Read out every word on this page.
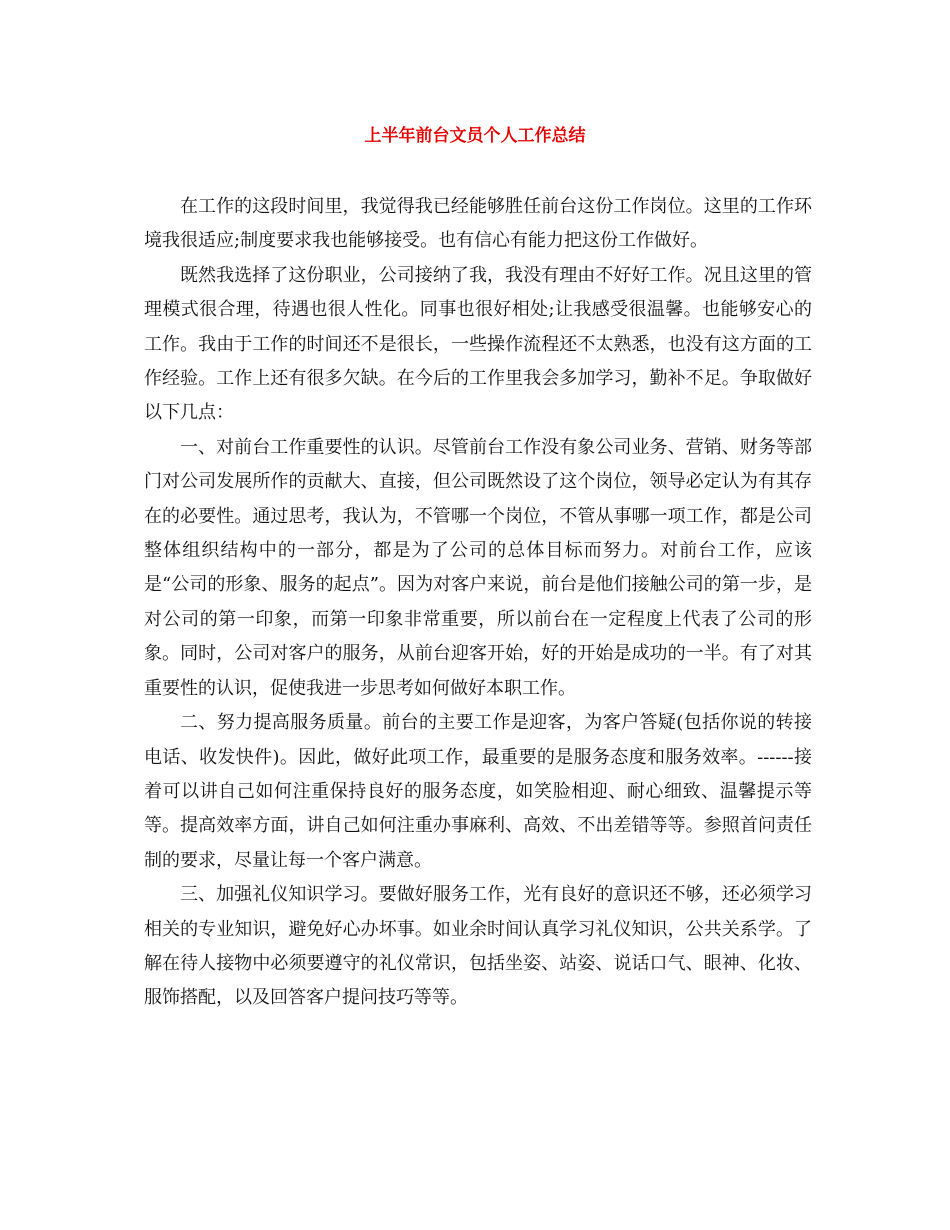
上半年前台文员个人工作总结

在工作的这段时间里，我觉得我已经能够胜任前台这份工作岗位。这里的工作环境我很适应;制度要求我也能够接受。也有信心有能力把这份工作做好。

既然我选择了这份职业，公司接纳了我，我没有理由不好好工作。况且这里的管理模式很合理，待遇也很人性化。同事也很好相处;让我感受很温馨。也能够安心的工作。我由于工作的时间还不是很长，一些操作流程还不太熟悉，也没有这方面的工作经验。工作上还有很多欠缺。在今后的工作里我会多加学习，勤补不足。争取做好以下几点：

一、对前台工作重要性的认识。尽管前台工作没有象公司业务、营销、财务等部门对公司发展所作的贡献大、直接，但公司既然设了这个岗位，领导必定认为有其存在的必要性。通过思考，我认为，不管哪一个岗位，不管从事哪一项工作，都是公司整体组织结构中的一部分，都是为了公司的总体目标而努力。对前台工作，应该是“公司的形象、服务的起点”。因为对客户来说，前台是他们接触公司的第一步，是对公司的第一印象，而第一印象非常重要，所以前台在一定程度上代表了公司的形象。同时，公司对客户的服务，从前台迎客开始，好的开始是成功的一半。有了对其重要性的认识，促使我进一步思考如何做好本职工作。

二、努力提高服务质量。前台的主要工作是迎客，为客户答疑(包括你说的转接电话、收发快件)。因此，做好此项工作，最重要的是服务态度和服务效率。------接着可以讲自己如何注重保持良好的服务态度，如笑脸相迎、耐心细致、温馨提示等等。提高效率方面，讲自己如何注重办事麻利、高效、不出差错等等。参照首问责任制的要求，尽量让每一个客户满意。

三、加强礼仪知识学习。要做好服务工作，光有良好的意识还不够，还必须学习相关的专业知识，避免好心办坏事。如业余时间认真学习礼仪知识，公共关系学。了解在待人接物中必须要遵守的礼仪常识，包括坐姿、站姿、说话口气、眼神、化妆、服饰搭配，以及回答客户提问技巧等等。
